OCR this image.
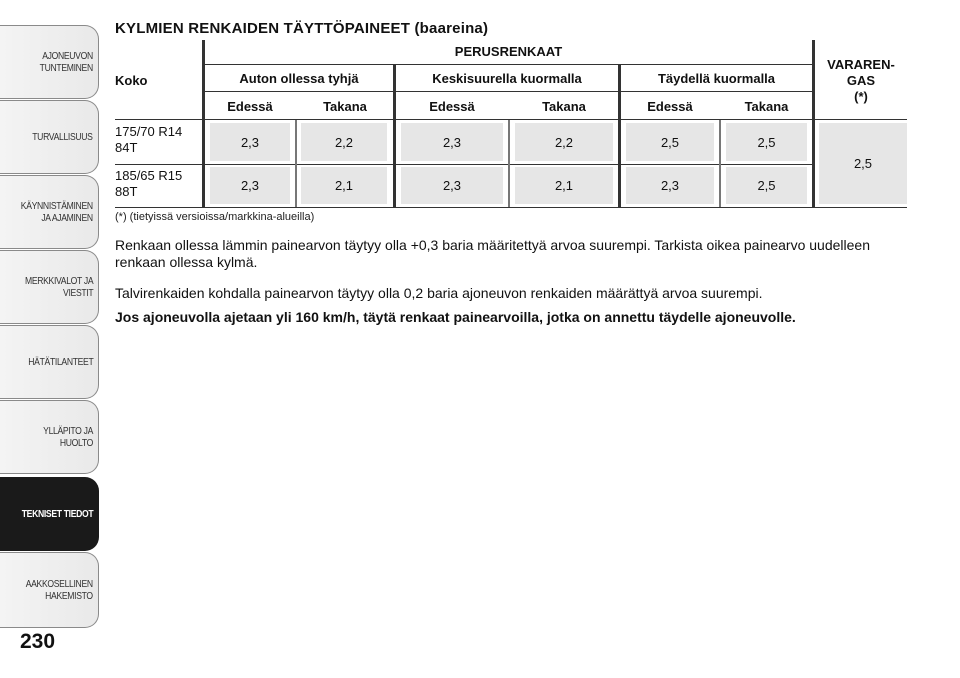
AJONEUVON
TUNTEMINEN
TURVALLISUUS
KÄYNNISTÄMINEN
JA AJAMINEN
MERKKIVALOT JA
VIESTIT
HÄTÄTILANTEET
YLLÄPITO JA HUOLTO
TEKNISET TIEDOT
AAKKOSELLINEN
HAKEMISTO
230
KYLMIEN RENKAIDEN TÄYTTÖPAINEET (baareina)
Koko
PERUSRENKAAT
Auton ollessa tyhjä	Keskisuurella kuormalla	Täydellä kuormalla
VARAREN-
GAS
(*)
Edessä	Takana	Edessä	Takana	Edessä	Takana
175/70 R14
84T	2,3	2,2	2,3	2,2	2,5	2,5
185/65 R15
88T	2,3	2,1	2,3	2,1	2,3	2,5
2,5
(*) (tietyissä versioissa/markkina-alueilla)
Renkaan ollessa lämmin painearvon täytyy olla +0,3 baria määritettyä arvoa suurempi. Tarkista oikea painearvo uudelleen renkaan ollessa kylmä.
Talvirenkaiden kohdalla painearvon täytyy olla 0,2 baria ajoneuvon renkaiden määrättyä arvoa suurempi.
Jos ajoneuvolla ajetaan yli 160 km/h, täytä renkaat painearvoilla, jotka on annettu täydelle ajoneuvolle.
